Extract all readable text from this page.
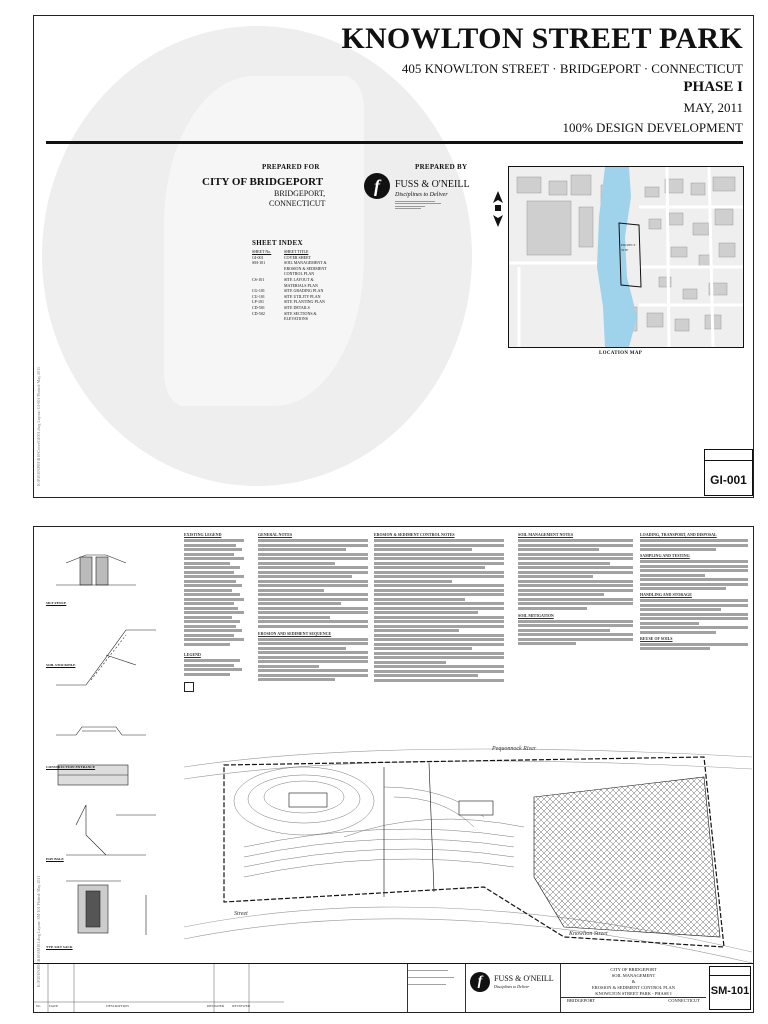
K:\P2010\0891\B10\Cover\GI001.dwg Layout: GI-001 Plotted: May 2011
KNOWLTON STREET PARK
405 KNOWLTON STREET · BRIDGEPORT · CONNECTICUT
PHASE I
MAY, 2011
100% DESIGN DEVELOPMENT
PREPARED FOR
CITY OF BRIDGEPORT
BRIDGEPORT,
CONNECTICUT
PREPARED BY
f	FUSS & O'NEILL
Disciplines to Deliver
SHEET INDEX
SHEET No.	SHEET TITLE
GI-001	COVER SHEET
SM-101	SOIL MANAGEMENT & EROSION & SEDIMENT CONTROL PLAN
CS-101	SITE LAYOUT & MATERIALS PLAN
CG-101	SITE GRADING PLAN
CU-101	SITE UTILITY PLAN
LP-101	SITE PLANTING PLAN
CD-501	SITE DETAILS
CD-502	SITE SECTIONS & ELEVATIONS
PROJECT SITE
LOCATION MAP
GI-001
K:\P2010\0891\B10\SM101.dwg Layout: SM-101 Plotted: May 2011
SILT FENCE
SOIL STOCKPILE
CONSTRUCTION ENTRANCE
HAY BALE
TYP. SILT SACK
EXISTING LEGEND
LEGEND
GENERAL NOTES
EROSION AND SEDIMENT SEQUENCE
EROSION & SEDIMENT CONTROL NOTES	SOIL MANAGEMENT NOTES
SOIL MITIGATION
LOADING, TRANSPORT, AND DISPOSAL
SAMPLING AND TESTING
HANDLING AND STORAGE
REUSE OF SOILS
Pequonnock River
Street
Knowlton Street
No. DATE	DESCRIPTION	DESIGNER REVIEWER
f	FUSS & O'NEILL
Disciplines to Deliver
CITY OF BRIDGEPORT
SOIL MANAGEMENT
&
EROSION & SEDIMENT CONTROL PLAN
KNOWLTON STREET PARK - PHASE I
BRIDGEPORT	CONNECTICUT
SM-101
